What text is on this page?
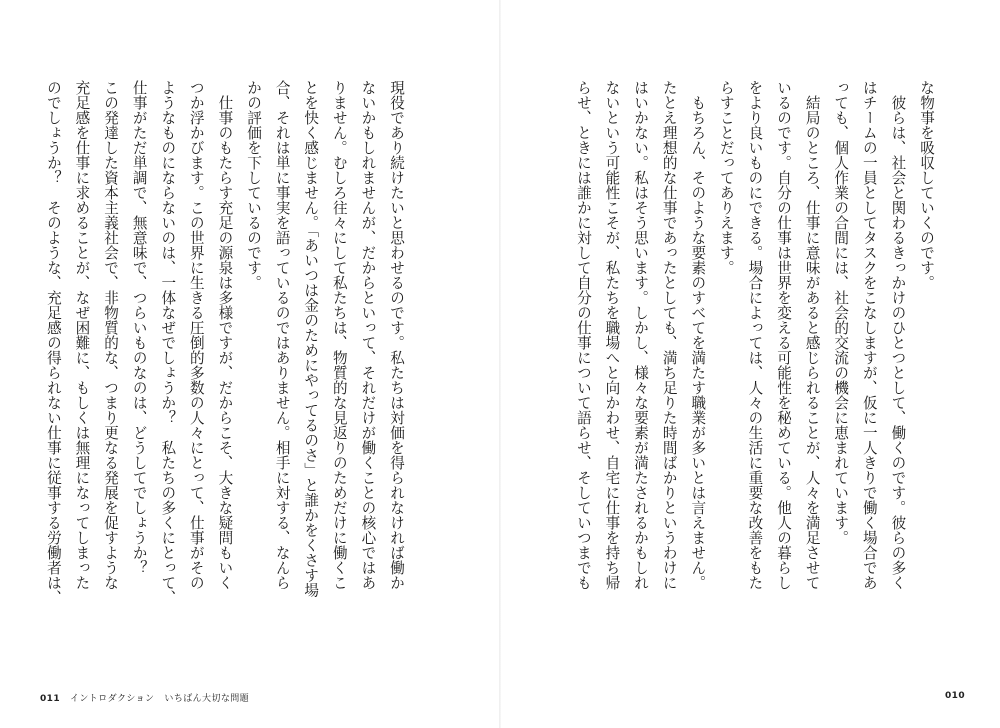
現役であり続けたいと思わせるのです。私たちは対価を得られなければ働か
ないかもしれませんが、だからといって、それだけが働くことの核心ではあ
りません。むしろ往々にして私たちは、物質的な見返りのためだけに働くこ
とを快く感じません。「あいつは金のためにやってるのさ」と誰かをくさす場
合、それは単に事実を語っているのではありません。相手に対する、なんら
かの評価を下しているのです。
　仕事のもたらす充足の源泉は多様ですが、だからこそ、大きな疑問もいく
つか浮かびます。この世界に生きる圧倒的多数の人々にとって、仕事がその
ようなものにならないのは、一体なぜでしょうか？　私たちの多くにとって、
仕事がただ単調で、無意味で、つらいものなのは、どうしてでしょうか？
この発達した資本主義社会で、非物質的な、つまり更なる発展を促すような
充足感を仕事に求めることが、なぜ困難に、もしくは無理になってしまった
のでしょうか？　そのような、充足感の得られない仕事に従事する労働者は、
011 イントロダクション いちばん大切な問題
な物事を吸収していくのです。
　彼らは、社会と関わるきっかけのひとつとして、働くのです。彼らの多く
はチームの一員としてタスクをこなしますが、仮に一人きりで働く場合であ
っても、個人作業の合間には、社会的交流の機会に恵まれています。
　結局のところ、仕事に意味があると感じられることが、人々を満足させて
いるのです。自分の仕事は世界を変える可能性を秘めている。他人の暮らし
をより良いものにできる。場合によっては、人々の生活に重要な改善をもた
らすことだってありえます。
　もちろん、そのような要素のすべてを満たす職業が多いとは言えません。
たとえ理想的な仕事であったとしても、満ち足りた時間ばかりというわけに
はいかない。私はそう思います。しかし、様々な要素が満たされるかもしれ
ないという可能性こそが、私たちを職場へと向かわせ、自宅に仕事を持ち帰
らせ、ときには誰かに対して自分の仕事について語らせ、そしていつまでも
010
